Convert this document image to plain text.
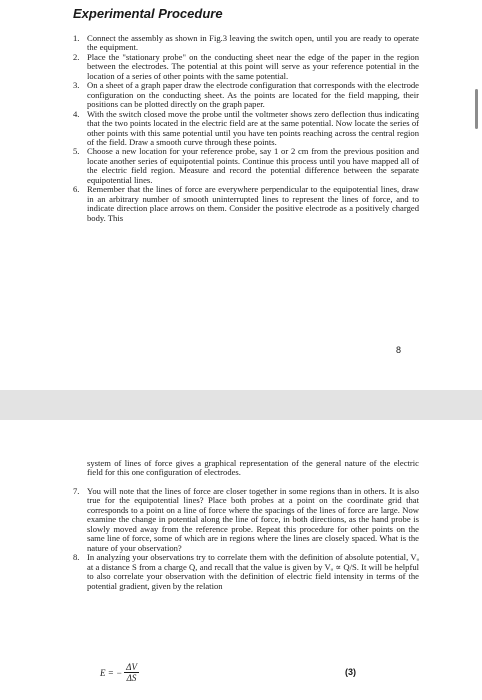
Experimental Procedure
1. Connect the assembly as shown in Fig.3 leaving the switch open, until you are ready to operate the equipment.
2. Place the "stationary probe" on the conducting sheet near the edge of the paper in the region between the electrodes. The potential at this point will serve as your reference potential in the location of a series of other points with the same potential.
3. On a sheet of a graph paper draw the electrode configuration that corresponds with the electrode configuration on the conducting sheet. As the points are located for the field mapping, their positions can be plotted directly on the graph paper.
4. With the switch closed move the probe until the voltmeter shows zero deflection thus indicating that the two points located in the electric field are at the same potential. Now locate the series of other points with this same potential until you have ten points reaching across the central region of the field. Draw a smooth curve through these points.
5. Choose a new location for your reference probe, say 1 or 2 cm from the previous position and locate another series of equipotential points. Continue this process until you have mapped all of the electric field region. Measure and record the potential difference between the separate equipotential lines.
6. Remember that the lines of force are everywhere perpendicular to the equipotential lines, draw in an arbitrary number of smooth uninterrupted lines to represent the lines of force, and to indicate direction place arrows on them. Consider the positive electrode as a positively charged body. This
8

system of lines of force gives a graphical representation of the general nature of the electric field for this one configuration of electrodes.

7. You will note that the lines of force are closer together in some regions than in others. It is also true for the equipotential lines? Place both probes at a point on the coordinate grid that corresponds to a point on a line of force where the spacings of the lines of force are large. Now examine the change in potential along the line of force, in both directions, as the hand probe is slowly moved away from the reference probe. Repeat this procedure for other points on the same line of force, some of which are in regions where the lines are closely spaced. What is the nature of your observation?
8. In analyzing your observations try to correlate them with the definition of absolute potential, Vₐ at a distance S from a charge Q, and recall that the value is given by Vₐ ∝ Q/S. It will be helpful to also correlate your observation with the definition of electric field intensity in terms of the potential gradient, given by the relation
E = − $\frac{\Delta V}{\Delta S}$	(3)
